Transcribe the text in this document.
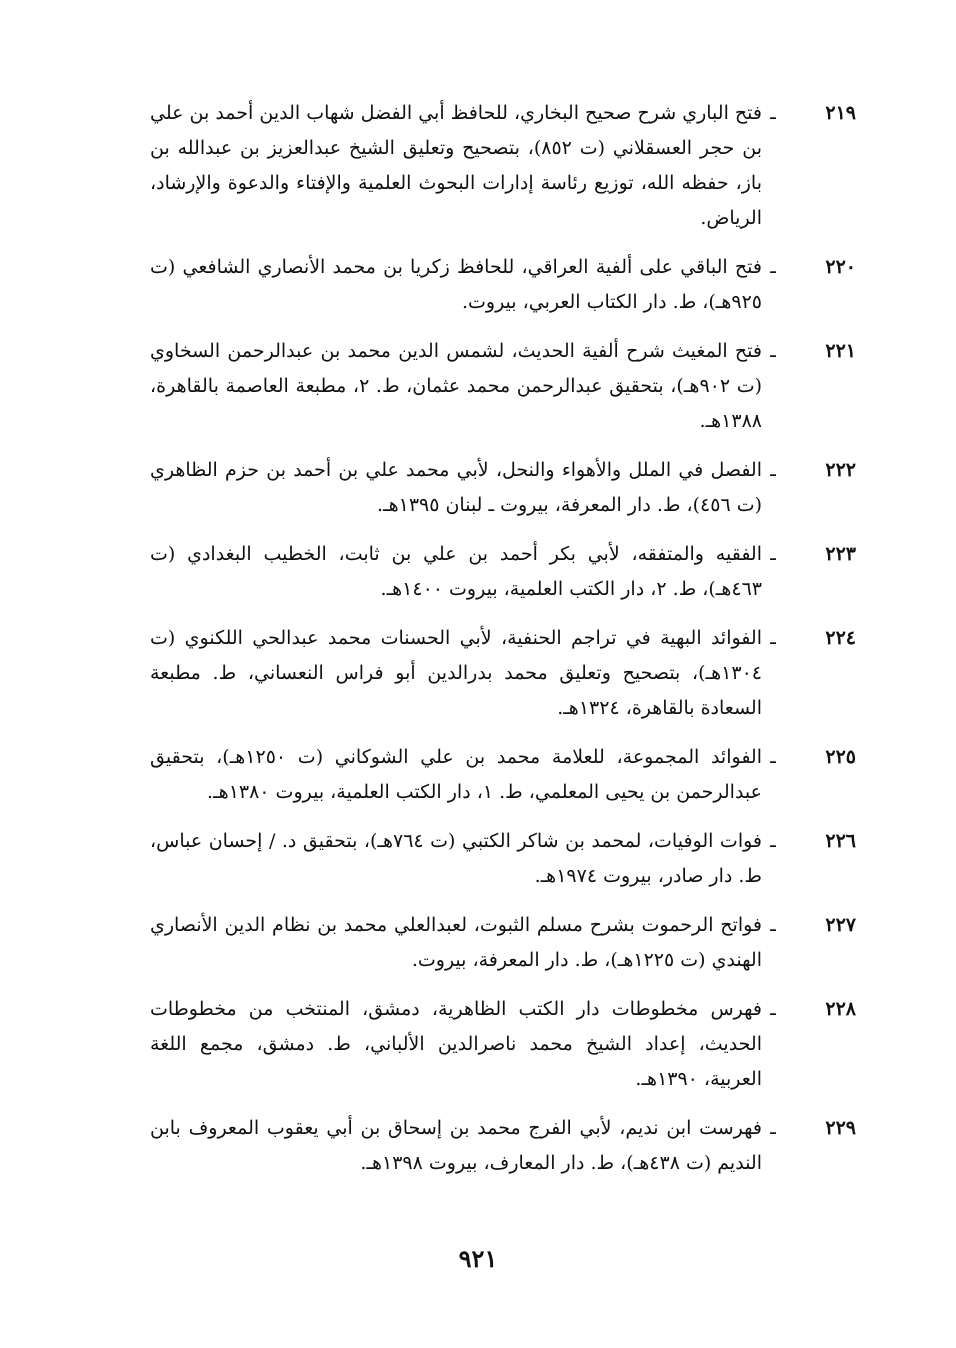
٢١٩
ـ
فتح الباري شرح صحيح البخاري، للحافظ أبي الفضل شهاب الدين أحمد بن علي بن حجر العسقلاني (ت ٨٥٢)، بتصحيح وتعليق الشيخ عبدالعزيز بن عبدالله بن باز، حفظه الله، توزيع رئاسة إدارات البحوث العلمية والإفتاء والدعوة والإرشاد، الرياض.
٢٢٠
ـ
فتح الباقي على ألفية العراقي، للحافظ زكريا بن محمد الأنصاري الشافعي (ت ٩٢٥هـ)، ط. دار الكتاب العربي، بيروت.
٢٢١
ـ
فتح المغيث شرح ألفية الحديث، لشمس الدين محمد بن عبدالرحمن السخاوي (ت ٩٠٢هـ)، بتحقيق عبدالرحمن محمد عثمان، ط. ٢، مطبعة العاصمة بالقاهرة، ١٣٨٨هـ.
٢٢٢
ـ
الفصل في الملل والأهواء والنحل، لأبي محمد علي بن أحمد بن حزم الظاهري (ت ٤٥٦)، ط. دار المعرفة، بيروت ـ لبنان ١٣٩٥هـ.
٢٢٣
ـ
الفقيه والمتفقه، لأبي بكر أحمد بن علي بن ثابت، الخطيب البغدادي (ت ٤٦٣هـ)، ط. ٢، دار الكتب العلمية، بيروت ١٤٠٠هـ.
٢٢٤
ـ
الفوائد البهية في تراجم الحنفية، لأبي الحسنات محمد عبدالحي اللكنوي (ت ١٣٠٤هـ)، بتصحيح وتعليق محمد بدرالدين أبو فراس النعساني، ط. مطبعة السعادة بالقاهرة، ١٣٢٤هـ.
٢٢٥
ـ
الفوائد المجموعة، للعلامة محمد بن علي الشوكاني (ت ١٢٥٠هـ)، بتحقيق عبدالرحمن بن يحيى المعلمي، ط. ١، دار الكتب العلمية، بيروت ١٣٨٠هـ.
٢٢٦
ـ
فوات الوفيات، لمحمد بن شاكر الكتبي (ت ٧٦٤هـ)، بتحقيق د. / إحسان عباس، ط. دار صادر، بيروت ١٩٧٤هـ.
٢٢٧
ـ
فواتح الرحموت بشرح مسلم الثبوت، لعبدالعلي محمد بن نظام الدين الأنصاري الهندي (ت ١٢٢٥هـ)، ط. دار المعرفة، بيروت.
٢٢٨
ـ
فهرس مخطوطات دار الكتب الظاهرية، دمشق، المنتخب من مخطوطات الحديث، إعداد الشيخ محمد ناصرالدين الألباني، ط. دمشق، مجمع اللغة العربية، ١٣٩٠هـ.
٢٢٩
ـ
فهرست ابن نديم، لأبي الفرج محمد بن إسحاق بن أبي يعقوب المعروف بابن النديم (ت ٤٣٨هـ)، ط. دار المعارف، بيروت ١٣٩٨هـ.
٩٢١
